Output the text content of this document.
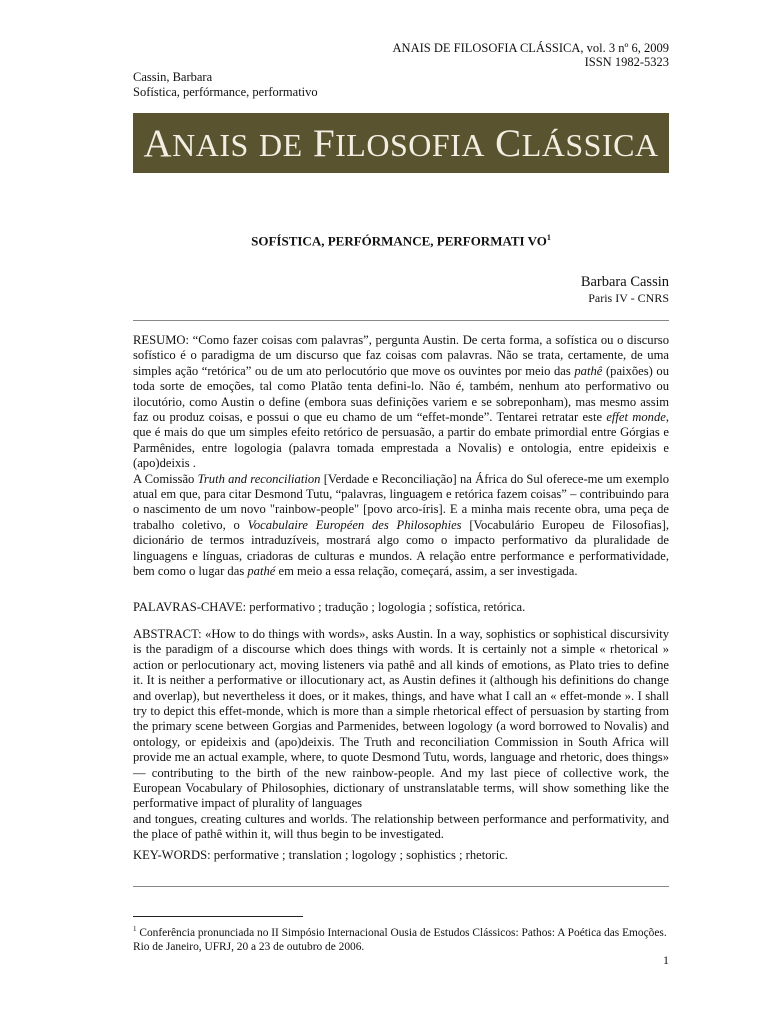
ANAIS DE FILOSOFIA CLÁSSICA, vol. 3 nº 6, 2009
ISSN 1982-5323
Cassin, Barbara
Sofística, perfórmance, performativo
ANAIS DE FILOSOFIA CLÁSSICA
SOFÍSTICA, PERFÓRMANCE, PERFORMATI $VO^1$
Barbara Cassin
Paris IV - CNRS

RESUMO: “Como fazer coisas com palavras”, pergunta Austin. De certa forma, a sofística ou o discurso sofístico é o paradigma de um discurso que faz coisas com palavras. Não se trata, certamente, de uma simples ação “retórica” ou de um ato perlocutório que move os ouvintes por meio das pathê (paixões) ou toda sorte de emoções, tal como Platão tenta defini-lo. Não é, também, nenhum ato performativo ou ilocutório, como Austin o define (embora suas definições variem e se sobreponham), mas mesmo assim faz ou produz coisas, e possui o que eu chamo de um “effet-monde”. Tentarei retratar este effet monde, que é mais do que um simples efeito retórico de persuasão, a partir do embate primordial entre Górgias e Parmênides, entre logologia (palavra tomada emprestada a Novalis) e ontologia, entre epideixis e (apo)deixis .

A Comissão Truth and reconciliation [Verdade e Reconciliação] na África do Sul oferece-me um exemplo atual em que, para citar Desmond Tutu, “palavras, linguagem e retórica fazem coisas” – contribuindo para o nascimento de um novo "rainbow-people" [povo arco-íris]. E a minha mais recente obra, uma peça de trabalho coletivo, o Vocabulaire Européen des Philosophies [Vocabulário Europeu de Filosofias], dicionário de termos intraduzíveis, mostrará algo como o impacto performativo da pluralidade de linguagens e línguas, criadoras de culturas e mundos. A relação entre performance e performatividade, bem como o lugar das pathé em meio a essa relação, começará, assim, a ser investigada.

PALAVRAS-CHAVE: performativo ; tradução ; logologia ; sofística, retórica.

ABSTRACT: «How to do things with words», asks Austin. In a way, sophistics or sophistical discursivity is the paradigm of a discourse which does things with words. It is certainly not a simple « rhetorical » action or perlocutionary act, moving listeners via pathê and all kinds of emotions, as Plato tries to define it. It is neither a performative or illocutionary act, as Austin defines it (although his definitions do change and overlap), but nevertheless it does, or it makes, things, and have what I call an « effet-monde ». I shall try to depict this effet-monde, which is more than a simple rhetorical effect of persuasion by starting from the primary scene between Gorgias and Parmenides, between logology (a word borrowed to Novalis) and ontology, or epideixis and (apo)deixis. The Truth and reconciliation Commission in South Africa will provide me an actual example, where, to quote Desmond Tutu, words, language and rhetoric, does things» — contributing to the birth of the new rainbow-people. And my last piece of collective work, the European Vocabulary of Philosophies, dictionary of unstranslatable terms, will show something like the performative impact of plurality of languages

and tongues, creating cultures and worlds. The relationship between performance and performativity, and the place of pathê within it, will thus begin to be investigated.

KEY-WORDS: performative ; translation ; logology ; sophistics ; rhetoric.
$^1$ Conferência pronunciada no II Simpósio Internacional Ousia de Estudos Clássicos: Pathos: A Poética das Emoções. Rio de Janeiro, UFRJ, 20 a 23 de outubro de 2006.
1
